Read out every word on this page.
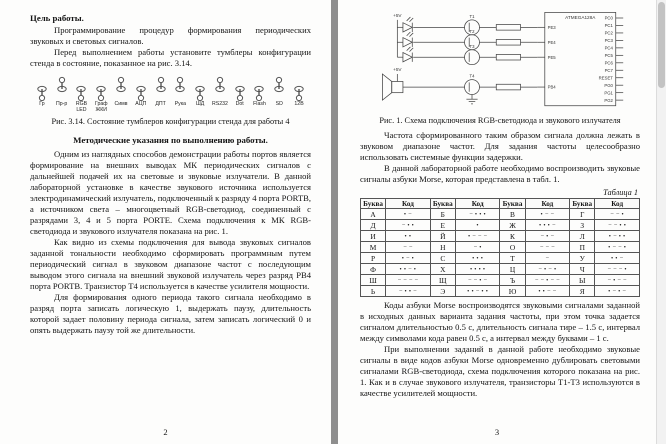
Цель работы.

Программирование процедур формирования периодических звуковых и световых сигналов.

Перед выполнением работы установите тумблеры конфигурации стенда в состояние, показанное на рис. 3.14.

Гр
Пр-р
RGB
LED
Граф
ЖКИ
Симв
АЦП
ДПТ
Рука
ШД
RS232
Dot
Flash
SD
12В

Рис. 3.14. Состояние тумблеров конфигурации стенда для работы 4

Методические указания по выполнению работы.

Одним из наглядных способов демонстрации работы портов является формирование на внешних выводах МК периодических сигналов с дальнейшей подачей их на световые и звуковые излучатели. В данной лабораторной установке в качестве звукового источника используется электродинамический излучатель, подключенный к разряду 4 порта PORTB, а источником света – многоцветный RGB-светодиод, соединенный с разрядами 3, 4 и 5 порта PORTE. Схема подключения к МК RGB-светодиода и звукового излучателя показана на рис. 1.

Как видно из схемы подключения для вывода звуковых сигналов заданной тональности необходимо сформировать программным путем периодический сигнал в звуковом диапазоне частот с последующим выводом этого сигнала на внешний звуковой излучатель через разряд PB4 порта PORTB. Транзистор Т4 используется в качестве усилителя мощности.

Для формирования одного периода такого сигнала необходимо в разряд порта записать логическую 1, выдержать паузу, длительность которой задает половину периода сигнала, затем записать логический 0 и опять выдержать паузу той же длительности.

2
PE3
PE4
PE5
PB4
PC0
PC1
PC2
PC3
PC4
PC5
PC6
PC7
RESET
PG0
PG1
PG2
T1
T2
T3
T4
ATMEGA128A
+5V
+5V

Рис. 1. Схема подключения RGB-светодиода и звукового излучателя

Частота сформированного таким образом сигнала должна лежать в звуковом диапазоне частот. Для задания частоты целесообразно использовать системные функции задержки.

В данной лабораторной работе необходимо воспроизводить звуковые сигналы азбуки Morse, которая представлена в табл. 1.

Таблица 1

Буква	Код	Буква	Код	Буква	Код	Буква	Код
А	• −	Б	− • • •	В	• − −	Г	− − •
Д	− • •	Е	•	Ж	• • • −	З	− − • •
И	• •	Й	• − − −	К	− • −	Л	• − • •
М	− −	Н	− •	О	− − −	П	• − − •
Р	• − •	С	• • •	Т	−	У	• • −
Ф	• • − •	Х	• • • •	Ц	− • − •	Ч	− − − •
Ш	− − − −	Щ	− − • −	Ъ	− − • − −	Ы	− • − −
Ь	− • • −	Э	• • − • •	Ю	• • − −	Я	• − • −

Коды азбуки Morse воспроизводятся звуковыми сигналами заданной в исходных данных варианта задания частоты, при этом точка задается сигналом длительностью 0.5 с, длительность сигнала тире – 1.5 с, интервал между символами кода равен 0.5 с, а интервал между буквами – 1 с.

При выполнении заданий в данной работе необходимо звуковые сигналы в виде кодов азбуки Morse одновременно дублировать световыми сигналами RGB-светодиода, схема подключения которого показана на рис. 1. Как и в случае звукового излучателя, транзисторы Т1-Т3 используются в качестве усилителей мощности.

3
